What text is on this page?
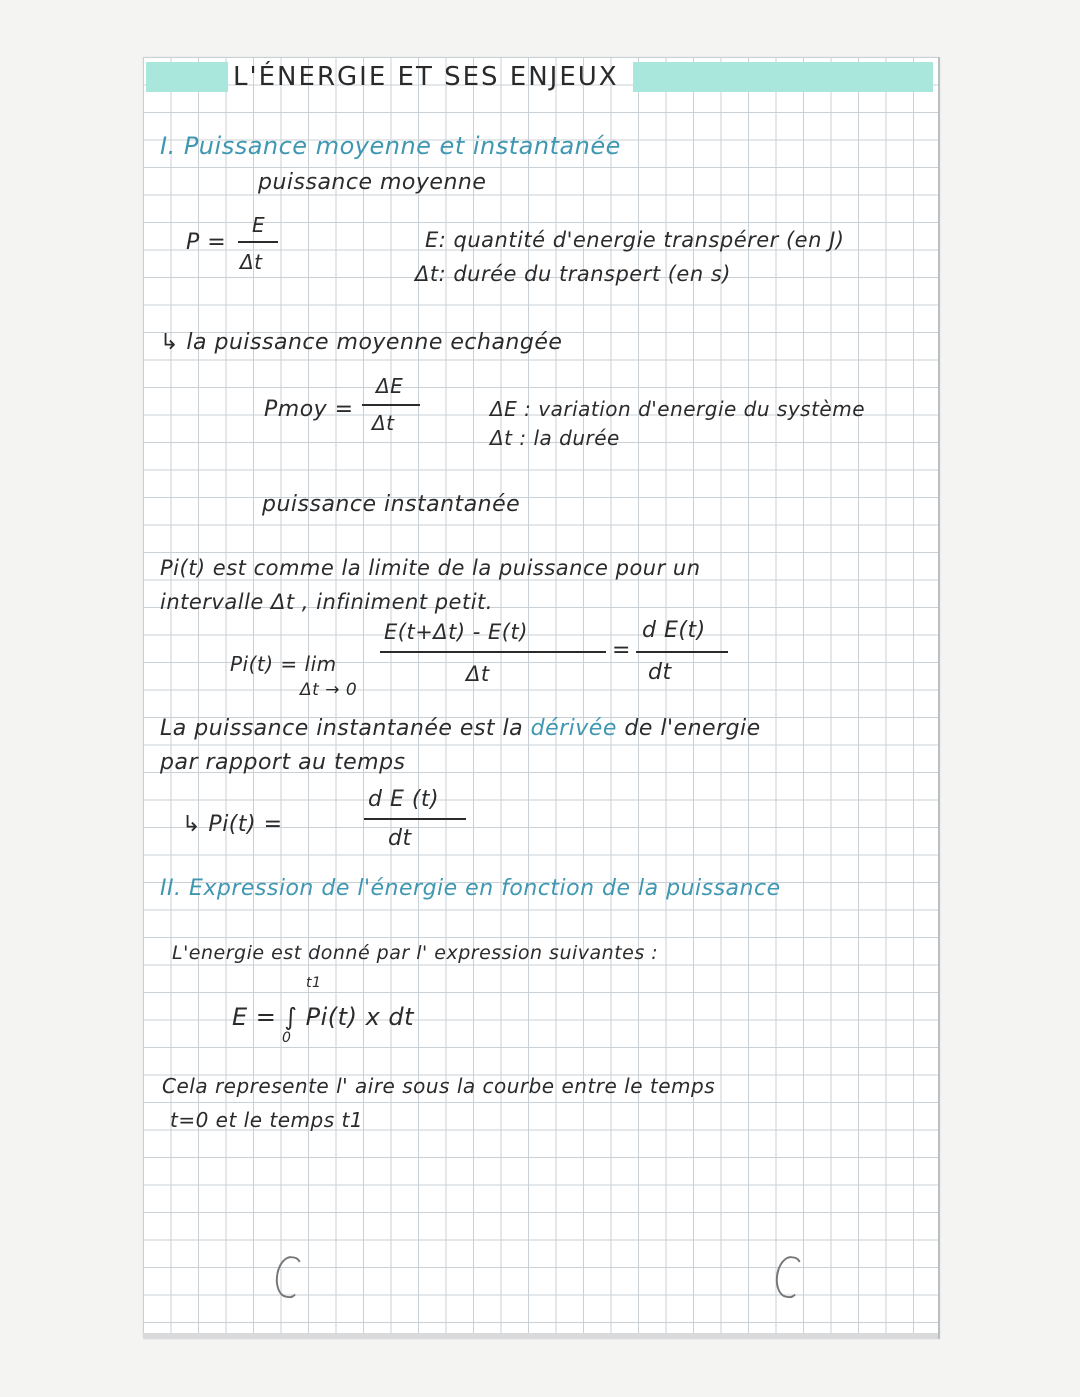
L'ÉNERGIE ET SES ENJEUX
I. Puissance moyenne et instantanée
puissance moyenne
P =
E
Δt
E: quantité d'energie transpérer (en J)
Δt: durée du transpert (en s)
↳ la puissance moyenne echangée
Pmoy =
ΔE
Δt
ΔE : variation d'energie du système
Δt : la durée
puissance instantanée
Pi(t) est comme la limite de la puissance pour un
intervalle Δt , infiniment petit.
Pi(t) = lim
Δt → 0
E(t+Δt) - E(t)
Δt
=
d E(t)
dt
La puissance instantanée est la dérivée de l'energie
par rapport au temps
↳ Pi(t) =
d E (t)
dt
II. Expression de l'énergie en fonction de la puissance
L'energie est donné par l' expression suivantes :
t1
E = ∫ Pi(t) x dt
0
Cela represente l' aire sous la courbe entre le temps
t=0 et le temps t1
